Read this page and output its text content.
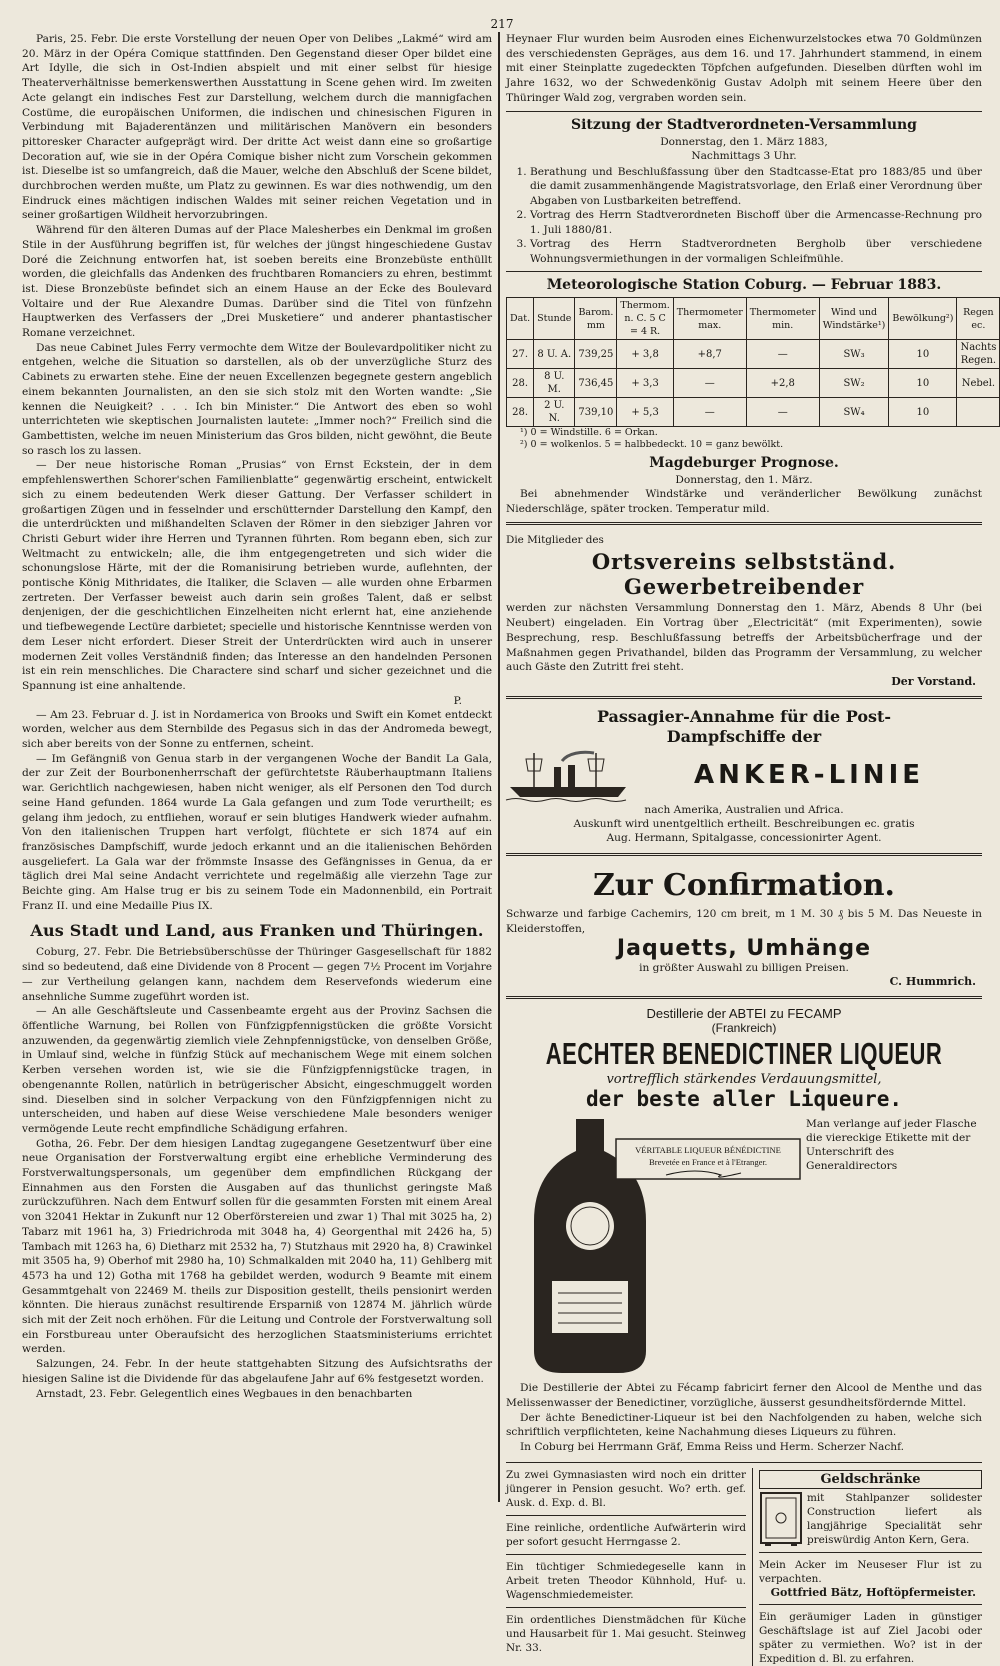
217

Paris, 25. Febr. Die erste Vorstellung der neuen Oper von Delibes „Lakmé“ wird am 20. März in der Opéra Comique stattfinden. Den Gegenstand dieser Oper bildet eine Art Idylle, die sich in Ost-Indien abspielt und mit einer selbst für hiesige Theaterverhältnisse bemerkenswerthen Ausstattung in Scene gehen wird. Im zweiten Acte gelangt ein indisches Fest zur Darstellung, welchem durch die mannigfachen Costüme, die europäischen Uniformen, die indischen und chinesischen Figuren in Verbindung mit Bajaderentänzen und militärischen Manövern ein besonders pittoresker Character aufgeprägt wird. Der dritte Act weist dann eine so großartige Decoration auf, wie sie in der Opéra Comique bisher nicht zum Vorschein gekommen ist. Dieselbe ist so umfangreich, daß die Mauer, welche den Abschluß der Scene bildet, durchbrochen werden mußte, um Platz zu gewinnen. Es war dies nothwendig, um den Eindruck eines mächtigen indischen Waldes mit seiner reichen Vegetation und in seiner großartigen Wildheit hervorzubringen.

Während für den älteren Dumas auf der Place Malesherbes ein Denkmal im großen Stile in der Ausführung begriffen ist, für welches der jüngst hingeschiedene Gustav Doré die Zeichnung entworfen hat, ist soeben bereits eine Bronzebüste enthüllt worden, die gleichfalls das Andenken des fruchtbaren Romanciers zu ehren, bestimmt ist. Diese Bronzebüste befindet sich an einem Hause an der Ecke des Boulevard Voltaire und der Rue Alexandre Dumas. Darüber sind die Titel von fünfzehn Hauptwerken des Verfassers der „Drei Musketiere“ und anderer phantastischer Romane verzeichnet.

Das neue Cabinet Jules Ferry vermochte dem Witze der Boulevardpolitiker nicht zu entgehen, welche die Situation so darstellen, als ob der unverzügliche Sturz des Cabinets zu erwarten stehe. Eine der neuen Excellenzen begegnete gestern angeblich einem bekannten Journalisten, an den sie sich stolz mit den Worten wandte: „Sie kennen die Neuigkeit? . . . Ich bin Minister.“ Die Antwort des eben so wohl unterrichteten wie skeptischen Journalisten lautete: „Immer noch?“ Freilich sind die Gambettisten, welche im neuen Ministerium das Gros bilden, nicht gewöhnt, die Beute so rasch los zu lassen.

— Der neue historische Roman „Prusias“ von Ernst Eckstein, der in dem empfehlenswerthen Schorer'schen Familienblatte“ gegenwärtig erscheint, entwickelt sich zu einem bedeutenden Werk dieser Gattung. Der Verfasser schildert in großartigen Zügen und in fesselnder und erschütternder Darstellung den Kampf, den die unterdrückten und mißhandelten Sclaven der Römer in den siebziger Jahren vor Christi Geburt wider ihre Herren und Tyrannen führten. Rom begann eben, sich zur Weltmacht zu entwickeln; alle, die ihm entgegengetreten und sich wider die schonungslose Härte, mit der die Romanisirung betrieben wurde, auflehnten, der pontische König Mithridates, die Italiker, die Sclaven — alle wurden ohne Erbarmen zertreten. Der Verfasser beweist auch darin sein großes Talent, daß er selbst denjenigen, der die geschichtlichen Einzelheiten nicht erlernt hat, eine anziehende und tiefbewegende Lectüre darbietet; specielle und historische Kenntnisse werden von dem Leser nicht erfordert. Dieser Streit der Unterdrückten wird auch in unserer modernen Zeit volles Verständniß finden; das Interesse an den handelnden Personen ist ein rein menschliches. Die Charactere sind scharf und sicher gezeichnet und die Spannung ist eine anhaltende.

P.

— Am 23. Februar d. J. ist in Nordamerica von Brooks und Swift ein Komet entdeckt worden, welcher aus dem Sternbilde des Pegasus sich in das der Andromeda bewegt, sich aber bereits von der Sonne zu entfernen, scheint.

— Im Gefängniß von Genua starb in der vergangenen Woche der Bandit La Gala, der zur Zeit der Bourbonenherrschaft der gefürchtetste Räuberhauptmann Italiens war. Gerichtlich nachgewiesen, haben nicht weniger, als elf Personen den Tod durch seine Hand gefunden. 1864 wurde La Gala gefangen und zum Tode verurtheilt; es gelang ihm jedoch, zu entfliehen, worauf er sein blutiges Handwerk wieder aufnahm. Von den italienischen Truppen hart verfolgt, flüchtete er sich 1874 auf ein französisches Dampfschiff, wurde jedoch erkannt und an die italienischen Behörden ausgeliefert. La Gala war der frömmste Insasse des Gefängnisses in Genua, da er täglich drei Mal seine Andacht verrichtete und regelmäßig alle vierzehn Tage zur Beichte ging. Am Halse trug er bis zu seinem Tode ein Madonnenbild, ein Portrait Franz II. und eine Medaille Pius IX.

Aus Stadt und Land, aus Franken und Thüringen.

Coburg, 27. Febr. Die Betriebsüberschüsse der Thüringer Gasgesellschaft für 1882 sind so bedeutend, daß eine Dividende von 8 Procent — gegen 7½ Procent im Vorjahre — zur Vertheilung gelangen kann, nachdem dem Reservefonds wiederum eine ansehnliche Summe zugeführt worden ist.

— An alle Geschäftsleute und Cassenbeamte ergeht aus der Provinz Sachsen die öffentliche Warnung, bei Rollen von Fünfzigpfennigstücken die größte Vorsicht anzuwenden, da gegenwärtig ziemlich viele Zehnpfennigstücke, von denselben Größe, in Umlauf sind, welche in fünfzig Stück auf mechanischem Wege mit einem solchen Kerben versehen worden ist, wie sie die Fünfzigpfennigstücke tragen, in obengenannte Rollen, natürlich in betrügerischer Absicht, eingeschmuggelt worden sind. Dieselben sind in solcher Verpackung von den Fünfzigpfennigen nicht zu unterscheiden, und haben auf diese Weise verschiedene Male besonders weniger vermögende Leute recht empfindliche Schädigung erfahren.

Gotha, 26. Febr. Der dem hiesigen Landtag zugegangene Gesetzentwurf über eine neue Organisation der Forstverwaltung ergibt eine erhebliche Verminderung des Forstverwaltungspersonals, um gegenüber dem empfindlichen Rückgang der Einnahmen aus den Forsten die Ausgaben auf das thunlichst geringste Maß zurückzuführen. Nach dem Entwurf sollen für die gesammten Forsten mit einem Areal von 32041 Hektar in Zukunft nur 12 Oberförstereien und zwar 1) Thal mit 3025 ha, 2) Tabarz mit 1961 ha, 3) Friedrichroda mit 3048 ha, 4) Georgenthal mit 2426 ha, 5) Tambach mit 1263 ha, 6) Dietharz mit 2532 ha, 7) Stutzhaus mit 2920 ha, 8) Crawinkel mit 3505 ha, 9) Oberhof mit 2980 ha, 10) Schmalkalden mit 2040 ha, 11) Gehlberg mit 4573 ha und 12) Gotha mit 1768 ha gebildet werden, wodurch 9 Beamte mit einem Gesammtgehalt von 22469 M. theils zur Disposition gestellt, theils pensionirt werden könnten. Die hieraus zunächst resultirende Ersparniß von 12874 M. jährlich würde sich mit der Zeit noch erhöhen. Für die Leitung und Controle der Forstverwaltung soll ein Forstbureau unter Oberaufsicht des herzoglichen Staatsministeriums errichtet werden.

Salzungen, 24. Febr. In der heute stattgehabten Sitzung des Aufsichtsraths der hiesigen Saline ist die Dividende für das abgelaufene Jahr auf 6% festgesetzt worden.

Arnstadt, 23. Febr. Gelegentlich eines Wegbaues in den benachbarten

Heynaer Flur wurden beim Ausroden eines Eichenwurzelstockes etwa 70 Goldmünzen des verschiedensten Gepräges, aus dem 16. und 17. Jahrhundert stammend, in einem mit einer Steinplatte zugedeckten Töpfchen aufgefunden. Dieselben dürften wohl im Jahre 1632, wo der Schwedenkönig Gustav Adolph mit seinem Heere über den Thüringer Wald zog, vergraben worden sein.

Sitzung der Stadtverordneten-Versammlung
Donnerstag, den 1. März 1883,
Nachmittags 3 Uhr.
1. Berathung und Beschlußfassung über den Stadtcasse-Etat pro 1883/85 und über die damit zusammenhängende Magistratsvorlage, den Erlaß einer Verordnung über Abgaben von Lustbarkeiten betreffend.
2. Vortrag des Herrn Stadtverordneten Bischoff über die Armencasse-Rechnung pro 1. Juli 1880/81.
3. Vortrag des Herrn Stadtverordneten Bergholb über verschiedene Wohnungsvermiethungen in der vormaligen Schleifmühle.
Meteorologische Station Coburg. — Februar 1883.
Dat.	Stunde	Barom. mm	Thermom. n. C. 5 C = 4 R.	Thermometer max.	Thermometer min.	Wind und Windstärke¹)	Bewölkung²)	Regen ec.
27.	8 U. A.	739,25	+ 3,8	+8,7	—	SW₃	10	Nachts Regen.
28.	8 U. M.	736,45	+ 3,3	—	+2,8	SW₂	10	Nebel.
28.	2 U. N.	739,10	+ 5,3	—	—	SW₄	10	
¹) 0 = Windstille. 6 = Orkan.
²) 0 = wolkenlos. 5 = halbbedeckt. 10 = ganz bewölkt.
Magdeburger Prognose.
Donnerstag, den 1. März.

Bei abnehmender Windstärke und veränderlicher Bewölkung zunächst Niederschläge, später trocken. Temperatur mild.

Die Mitglieder des
Ortsvereins selbstständ. Gewerbetreibender

werden zur nächsten Versammlung Donnerstag den 1. März, Abends 8 Uhr (bei Neubert) eingeladen. Ein Vortrag über „Electricität“ (mit Experimenten), sowie Besprechung, resp. Beschlußfassung betreffs der Arbeitsbücherfrage und der Maßnahmen gegen Privathandel, bilden das Programm der Versammlung, zu welcher auch Gäste den Zutritt frei steht.

Der Vorstand.
Passagier-Annahme für die Post-
Dampfschiffe der
ANKER-LINIE
nach Amerika, Australien und Africa.
Auskunft wird unentgeltlich ertheilt. Beschreibungen ec. gratis
Aug. Hermann, Spitalgasse, concessionirter Agent.
Zur Confirmation.

Schwarze und farbige Cachemirs, 120 cm breit, m 1 M. 30 ₰ bis 5 M. Das Neueste in Kleiderstoffen,

Jaquetts, Umhänge
in größter Auswahl zu billigen Preisen.
C. Hummrich.
Destillerie der ABTEI zu FECAMP
(Frankreich)
AECHTER BENEDICTINER LIQUEUR
vortrefflich stärkendes Verdauungsmittel,
der beste aller Liqueure.
VÉRITABLE LIQUEUR BÉNÉDICTINE
Brevetée en France et à l'Etranger.
Man verlange auf jeder Flasche die viereckige Etikette mit der Unterschrift des Generaldirectors

Die Destillerie der Abtei zu Fécamp fabricirt ferner den Alcool de Menthe und das Melissenwasser der Benedictiner, vorzügliche, äusserst gesundheitsfördernde Mittel.

Der ächte Benedictiner-Liqueur ist bei den Nachfolgenden zu haben, welche sich schriftlich verpflichteten, keine Nachahmung dieses Liqueurs zu führen.

In Coburg bei Herrmann Gräf, Emma Reiss und Herm. Scherzer Nachf.

Zu zwei Gymnasiasten wird noch ein dritter jüngerer in Pension gesucht. Wo? erth. gef. Ausk. d. Exp. d. Bl.

Eine reinliche, ordentliche Aufwärterin wird per sofort gesucht Herrngasse 2.

Ein tüchtiger Schmiedegeselle kann in Arbeit treten Theodor Kühnhold, Huf- u. Wagenschmiedemeister.

Ein ordentliches Dienstmädchen für Küche und Hausarbeit für 1. Mai gesucht. Steinweg Nr. 33.

Geldschränke

mit Stahlpanzer solidester Construction liefert als langjährige Specialität sehr preiswürdig Anton Kern, Gera.

Mein Acker im Neuseser Flur ist zu verpachten.

Gottfried Bätz, Hoftöpfermeister.

Ein geräumiger Laden in günstiger Geschäftslage ist auf Ziel Jacobi oder später zu vermiethen. Wo? ist in der Expedition d. Bl. zu erfahren.
